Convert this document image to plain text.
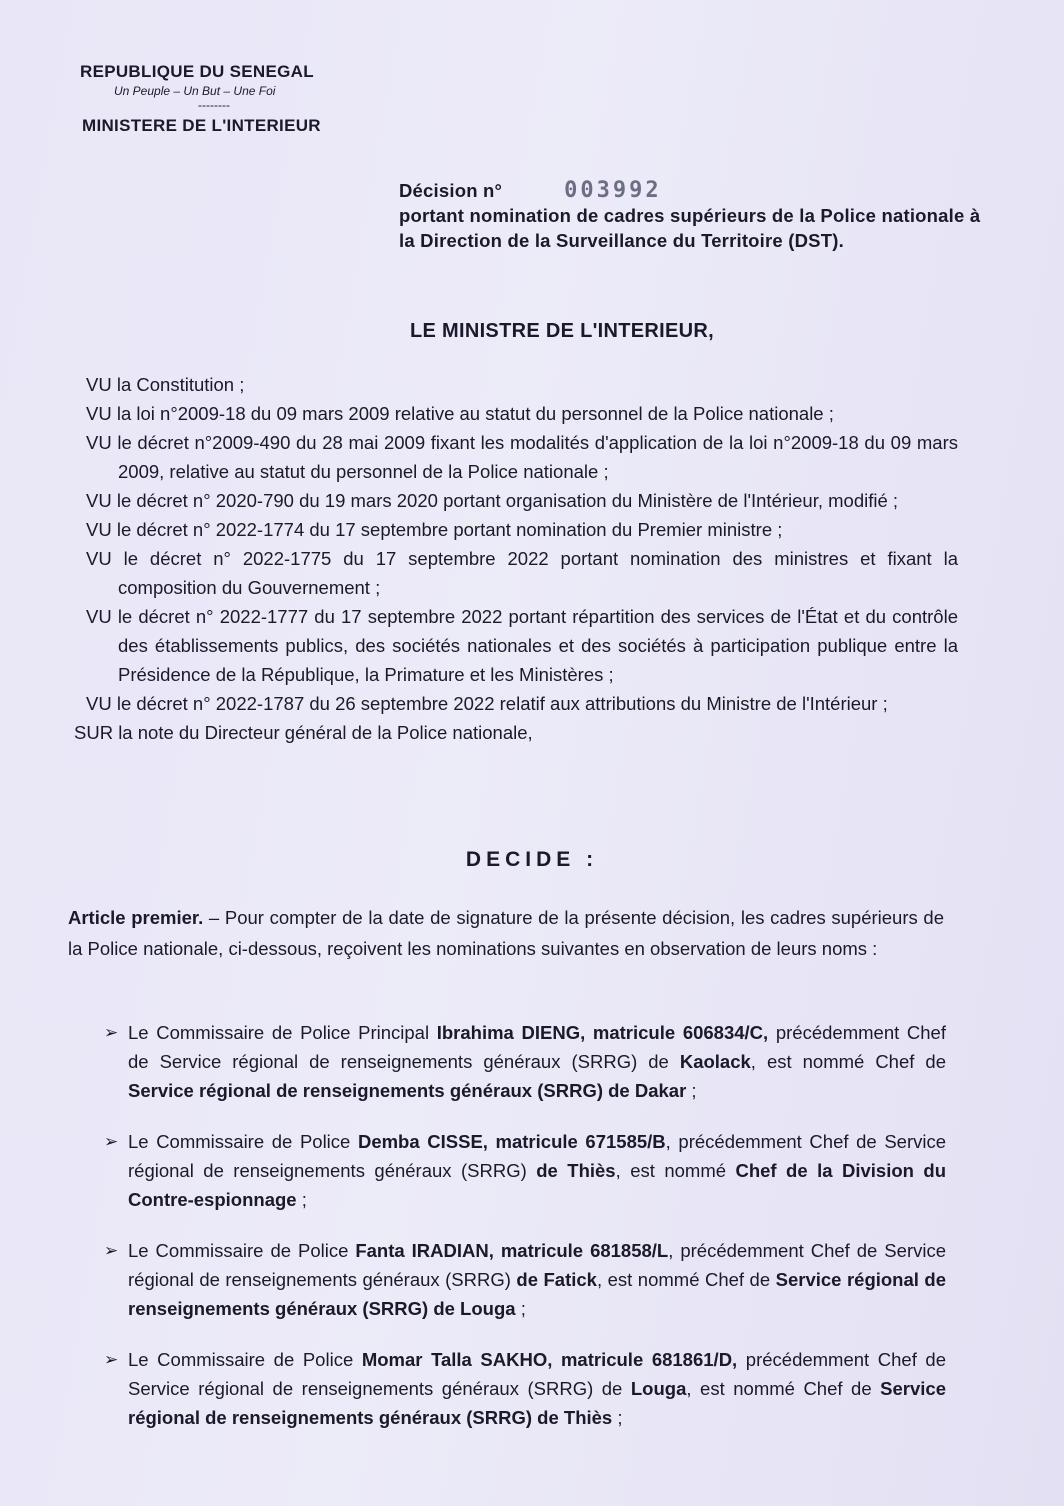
REPUBLIQUE DU SENEGAL
Un Peuple – Un But – Une Foi
--------
MINISTERE DE L'INTERIEUR
Décision n°	003992
portant nomination de cadres supérieurs de la Police nationale à la Direction de la Surveillance du Territoire (DST).
LE MINISTRE DE L'INTERIEUR,

VU la Constitution ;

VU la loi n°2009-18 du 09 mars 2009 relative au statut du personnel de la Police nationale ;

VU le décret n°2009-490 du 28 mai 2009 fixant les modalités d'application de la loi n°2009-18 du 09 mars 2009, relative au statut du personnel de la Police nationale ;

VU le décret n° 2020-790 du 19 mars 2020 portant organisation du Ministère de l'Intérieur, modifié ;

VU le décret n° 2022-1774 du 17 septembre portant nomination du Premier ministre ;

VU le décret n° 2022-1775 du 17 septembre 2022 portant nomination des ministres et fixant la composition du Gouvernement ;

VU le décret n° 2022-1777 du 17 septembre 2022 portant répartition des services de l'État et du contrôle des établissements publics, des sociétés nationales et des sociétés à participation publique entre la Présidence de la République, la Primature et les Ministères ;

VU le décret n° 2022-1787 du 26 septembre 2022 relatif aux attributions du Ministre de l'Intérieur ;

SUR la note du Directeur général de la Police nationale,

DECIDE :
Article premier. – Pour compter de la date de signature de la présente décision, les cadres supérieurs de la Police nationale, ci-dessous, reçoivent les nominations suivantes en observation de leurs noms :
➢ Le Commissaire de Police Principal Ibrahima DIENG, matricule 606834/C, précédemment Chef de Service régional de renseignements généraux (SRRG) de Kaolack, est nommé Chef de Service régional de renseignements généraux (SRRG) de Dakar ;
➢ Le Commissaire de Police Demba CISSE, matricule 671585/B, précédemment Chef de Service régional de renseignements généraux (SRRG) de Thiès, est nommé Chef de la Division du Contre-espionnage ;
➢ Le Commissaire de Police Fanta IRADIAN, matricule 681858/L, précédemment Chef de Service régional de renseignements généraux (SRRG) de Fatick, est nommé Chef de Service régional de renseignements généraux (SRRG) de Louga ;
➢ Le Commissaire de Police Momar Talla SAKHO, matricule 681861/D, précédemment Chef de Service régional de renseignements généraux (SRRG) de Louga, est nommé Chef de Service régional de renseignements généraux (SRRG) de Thiès ;
